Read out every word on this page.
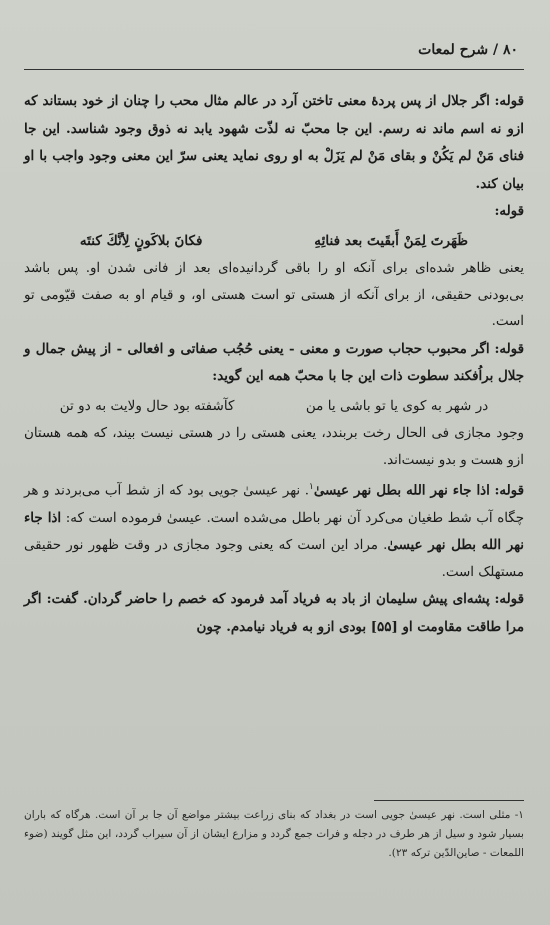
۸۰ / شرح لمعات

قوله: اگر جلال از پس پردهٔ معنی تاختن آرد در عالم مثال محب را چنان از خود بستاند که ازو نه اسم ماند نه رسم. این جا محبّ نه لذّت شهود یابد نه ذوق وجود شناسد. این جا فنای مَنْ لم یَکُنْ و بقای مَنْ لم یَزَلْ به او روی نماید یعنی سرّ این معنی وجود واجب با او بیان کند.

قوله:

ظَهَرتَ لِمَنْ أَبقَيتَ بعد فنائِهِ
فكانَ بلاكَونٍ لِأنَّكَ كنتَه

یعنی ظاهر شده‌ای برای آنکه او را باقی گردانیده‌ای بعد از فانی شدن او. پس باشد بی‌بودنی حقیقی، از برای آنکه از هستی تو است هستی او، و قیام او به صفت قیّومی تو است.

قوله: اگر محبوب حجاب صورت و معنی - یعنی حُجُب صفاتی و افعالی - از پیش جمال و جلال براُفکند سطوت ذات این جا با محبّ همه این گوید:

در شهر به کوی یا تو باشی یا من
کآشفته بود حال ولایت به دو تن

وجود مجازی فی الحال رخت بربندد، یعنی هستی را در هستی نیست بیند، که همه هستان ازو هست و بدو نیست‌اند.

قوله: اذا جاء نهر الله بطل نهر عیسیٰ$^۱$. نهر عیسیٰ جویی بود که از شط آب می‌بردند و هر چگاه آب شط طغیان می‌کرد آن نهر باطل می‌شده است. عیسیٰ فرموده است که: اذا جاء نهر الله بطل نهر عیسیٰ. مراد این است که یعنی وجود مجازی در وقت ظهور نور حقیقی مستهلک است.

قوله: پشه‌ای پیش سلیمان از باد به فریاد آمد فرمود که خصم را حاضر گردان. گفت: اگر مرا طاقت مقاومت او [۵۵] بودی ازو به فریاد نیامدم. چون

۱- مثلی است. نهر عیسیٰ جویی است در بغداد که بنای زراعت بیشتر مواضع آن جا بر آن است. هرگاه که باران بسیار شود و سیل از هر طرف در دجله و فرات جمع گردد و مزارع ایشان از آن سیراب گردد، این مثل گویند (ضوء اللمعات - صاین‌الدّین ترکه ۲۳).
